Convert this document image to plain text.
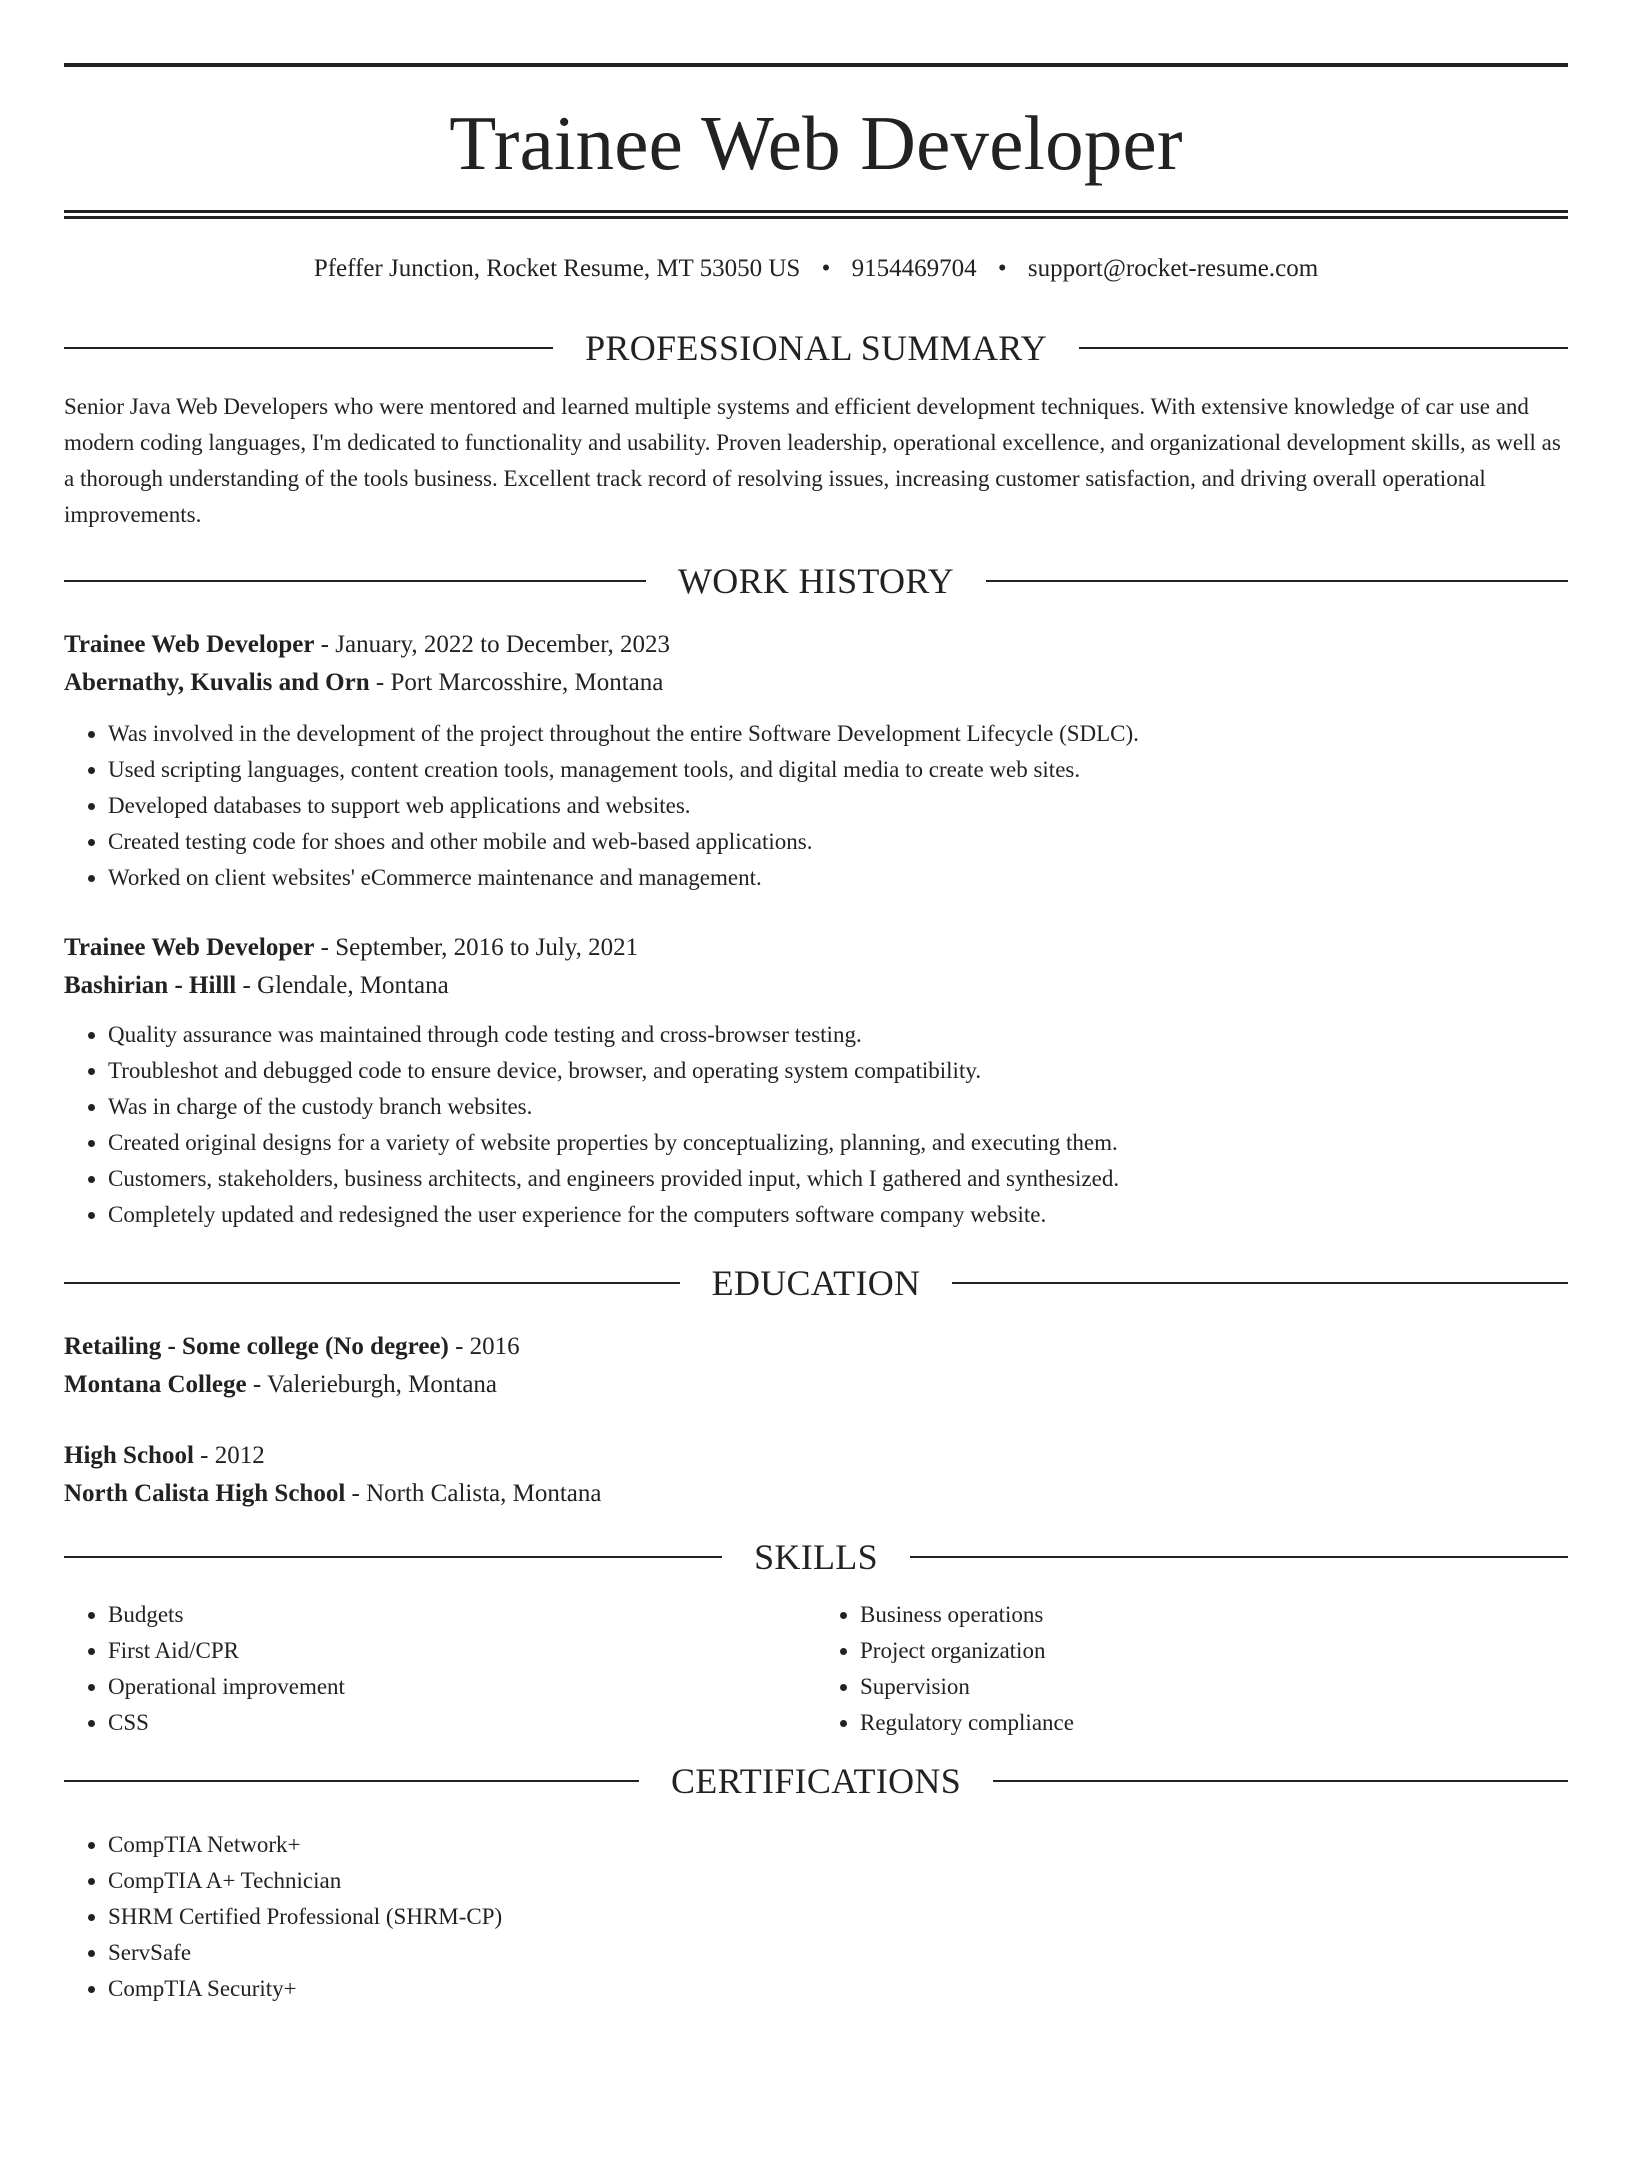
Trainee Web Developer
Pfeffer Junction, Rocket Resume, MT 53050 US • 9154469704 • support@rocket-resume.com
PROFESSIONAL SUMMARY

Senior Java Web Developers who were mentored and learned multiple systems and efficient development techniques. With extensive knowledge of car use and modern coding languages, I'm dedicated to functionality and usability. Proven leadership, operational excellence, and organizational development skills, as well as a thorough understanding of the tools business. Excellent track record of resolving issues, increasing customer satisfaction, and driving overall operational improvements.

WORK HISTORY
Trainee Web Developer - January, 2022 to December, 2023
Abernathy, Kuvalis and Orn - Port Marcosshire, Montana
• Was involved in the development of the project throughout the entire Software Development Lifecycle (SDLC).
• Used scripting languages, content creation tools, management tools, and digital media to create web sites.
• Developed databases to support web applications and websites.
• Created testing code for shoes and other mobile and web-based applications.
• Worked on client websites' eCommerce maintenance and management.
Trainee Web Developer - September, 2016 to July, 2021
Bashirian - Hilll - Glendale, Montana
• Quality assurance was maintained through code testing and cross-browser testing.
• Troubleshot and debugged code to ensure device, browser, and operating system compatibility.
• Was in charge of the custody branch websites.
• Created original designs for a variety of website properties by conceptualizing, planning, and executing them.
• Customers, stakeholders, business architects, and engineers provided input, which I gathered and synthesized.
• Completely updated and redesigned the user experience for the computers software company website.
EDUCATION
Retailing - Some college (No degree) - 2016
Montana College - Valerieburgh, Montana
High School - 2012
North Calista High School - North Calista, Montana
SKILLS
• Budgets
• First Aid/CPR
• Operational improvement
• CSS
• Business operations
• Project organization
• Supervision
• Regulatory compliance
CERTIFICATIONS
• CompTIA Network+
• CompTIA A+ Technician
• SHRM Certified Professional (SHRM-CP)
• ServSafe
• CompTIA Security+
